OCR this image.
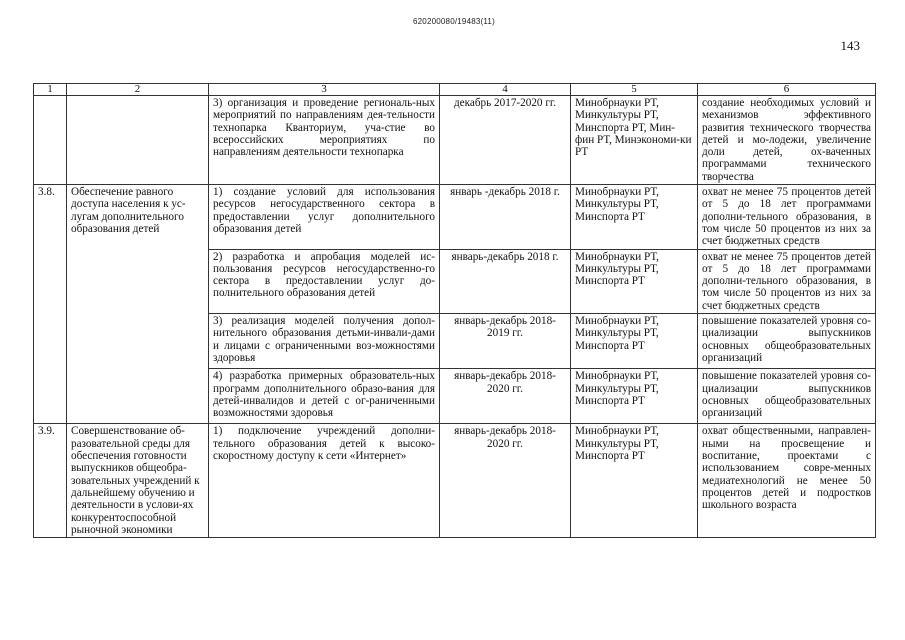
620200080/19483(11)
143
1	2	3	4	5	6
		3) организация и проведение региональ-ных мероприятий по направлениям дея-тельности технопарка Кванториум, уча-стие во всероссийских мероприятиях по направлениям деятельности технопарка	декабрь 2017-2020 гг.	Минобрнауки РТ, Минкультуры РТ, Минспорта РТ, Мин-фин РТ, Минэкономи-ки РТ	создание необходимых условий и механизмов эффективного развития технического творчества детей и мо-лодежи, увеличение доли детей, ох-ваченных программами технического творчества
3.8.	Обеспечение равного доступа населения к ус-лугам дополнительного образования детей	1) создание условий для использования ресурсов негосударственного сектора в предоставлении услуг дополнительного образования детей	январь -декабрь 2018 г.	Минобрнауки РТ, Минкультуры РТ, Минспорта РТ	охват не менее 75 процентов детей от 5 до 18 лет программами дополни-тельного образования, в том числе 50 процентов из них за счет бюджетных средств
		2) разработка и апробация моделей ис-пользования ресурсов негосударственно-го сектора в предоставлении услуг до-полнительного образования детей	январь-декабрь 2018 г.	Минобрнауки РТ, Минкультуры РТ, Минспорта РТ	охват не менее 75 процентов детей от 5 до 18 лет программами дополни-тельного образования, в том числе 50 процентов из них за счет бюджетных средств
		3) реализация моделей получения допол-нительного образования детьми-инвали-дами и лицами с ограниченными воз-можностями здоровья	январь-декабрь 2018-2019 гг.	Минобрнауки РТ, Минкультуры РТ, Минспорта РТ	повышение показателей уровня со-циализации выпускников основных общеобразовательных организаций
		4) разработка примерных образователь-ных программ дополнительного образо-вания для детей-инвалидов и детей с ог-раниченными возможностями здоровья	январь-декабрь 2018-2020 гг.	Минобрнауки РТ, Минкультуры РТ, Минспорта РТ	повышение показателей уровня со-циализации выпускников основных общеобразовательных организаций
3.9.	Совершенствование об-разовательной среды для обеспечения готовности выпускников общеобра-зовательных учреждений к дальнейшему обучению и деятельности в услови-ях конкурентоспособной рыночной экономики	1) подключение учреждений дополни-тельного образования детей к высоко-скоростному доступу к сети «Интернет»	январь-декабрь 2018-2020 гг.	Минобрнауки РТ, Минкультуры РТ, Минспорта РТ	охват общественными, направлен-ными на просвещение и воспитание, проектами с использованием совре-менных медиатехнологий не менее 50 процентов детей и подростков школьного возраста
